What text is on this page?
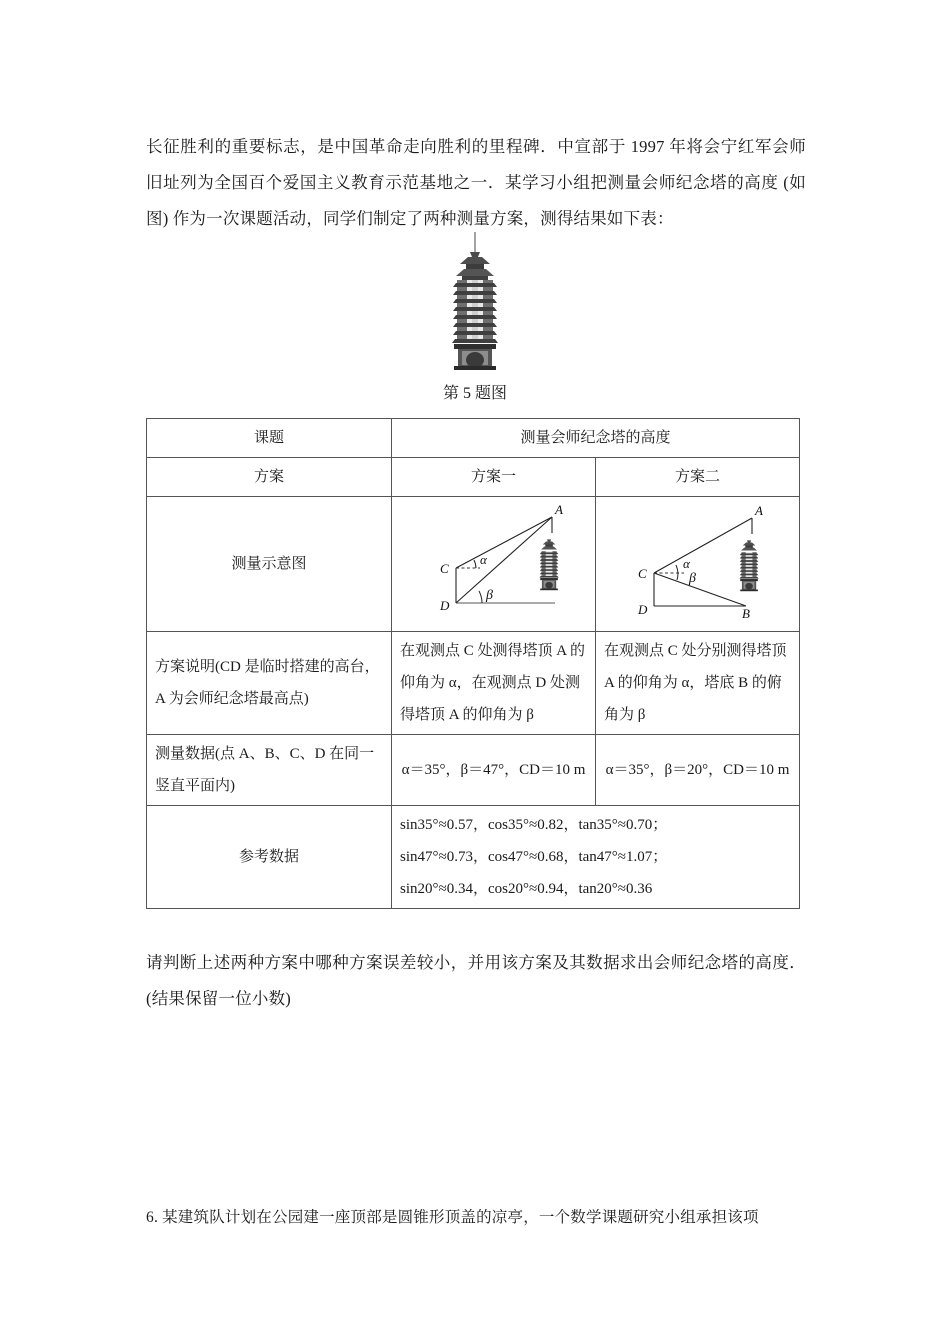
长征胜利的重要标志，是中国革命走向胜利的里程碑．中宣部于 1997 年将会宁红军会师旧址列为全国百个爱国主义教育示范基地之一．某学习小组把测量会师纪念塔的高度 (如图) 作为一次课题活动，同学们制定了两种测量方案，测得结果如下表：

第 5 题图
课题	测量会师纪念塔的高度	
方案	方案一	方案二
测量示意图	
A
C
D
α
β

A
C
D	B
α
β

方案说明(CD 是临时搭建的高台，A 为会师纪念塔最高点)	在观测点 C 处测得塔顶 A 的仰角为 α，在观测点 D 处测得塔顶 A 的仰角为 β	在观测点 C 处分别测得塔顶 A 的仰角为 α，塔底 B 的俯角为 β
测量数据(点 A、B、C、D 在同一竖直平面内)	α＝35°，β＝47°，CD＝10 m	α＝35°，β＝20°，CD＝10 m
参考数据	sin35°≈0.57，cos35°≈0.82，tan35°≈0.70；
sin47°≈0.73，cos47°≈0.68，tan47°≈1.07；
sin20°≈0.34，cos20°≈0.94，tan20°≈0.36	

请判断上述两种方案中哪种方案误差较小，并用该方案及其数据求出会师纪念塔的高度．(结果保留一位小数)

6. 某建筑队计划在公园建一座顶部是圆锥形顶盖的凉亭，一个数学课题研究小组承担该项
